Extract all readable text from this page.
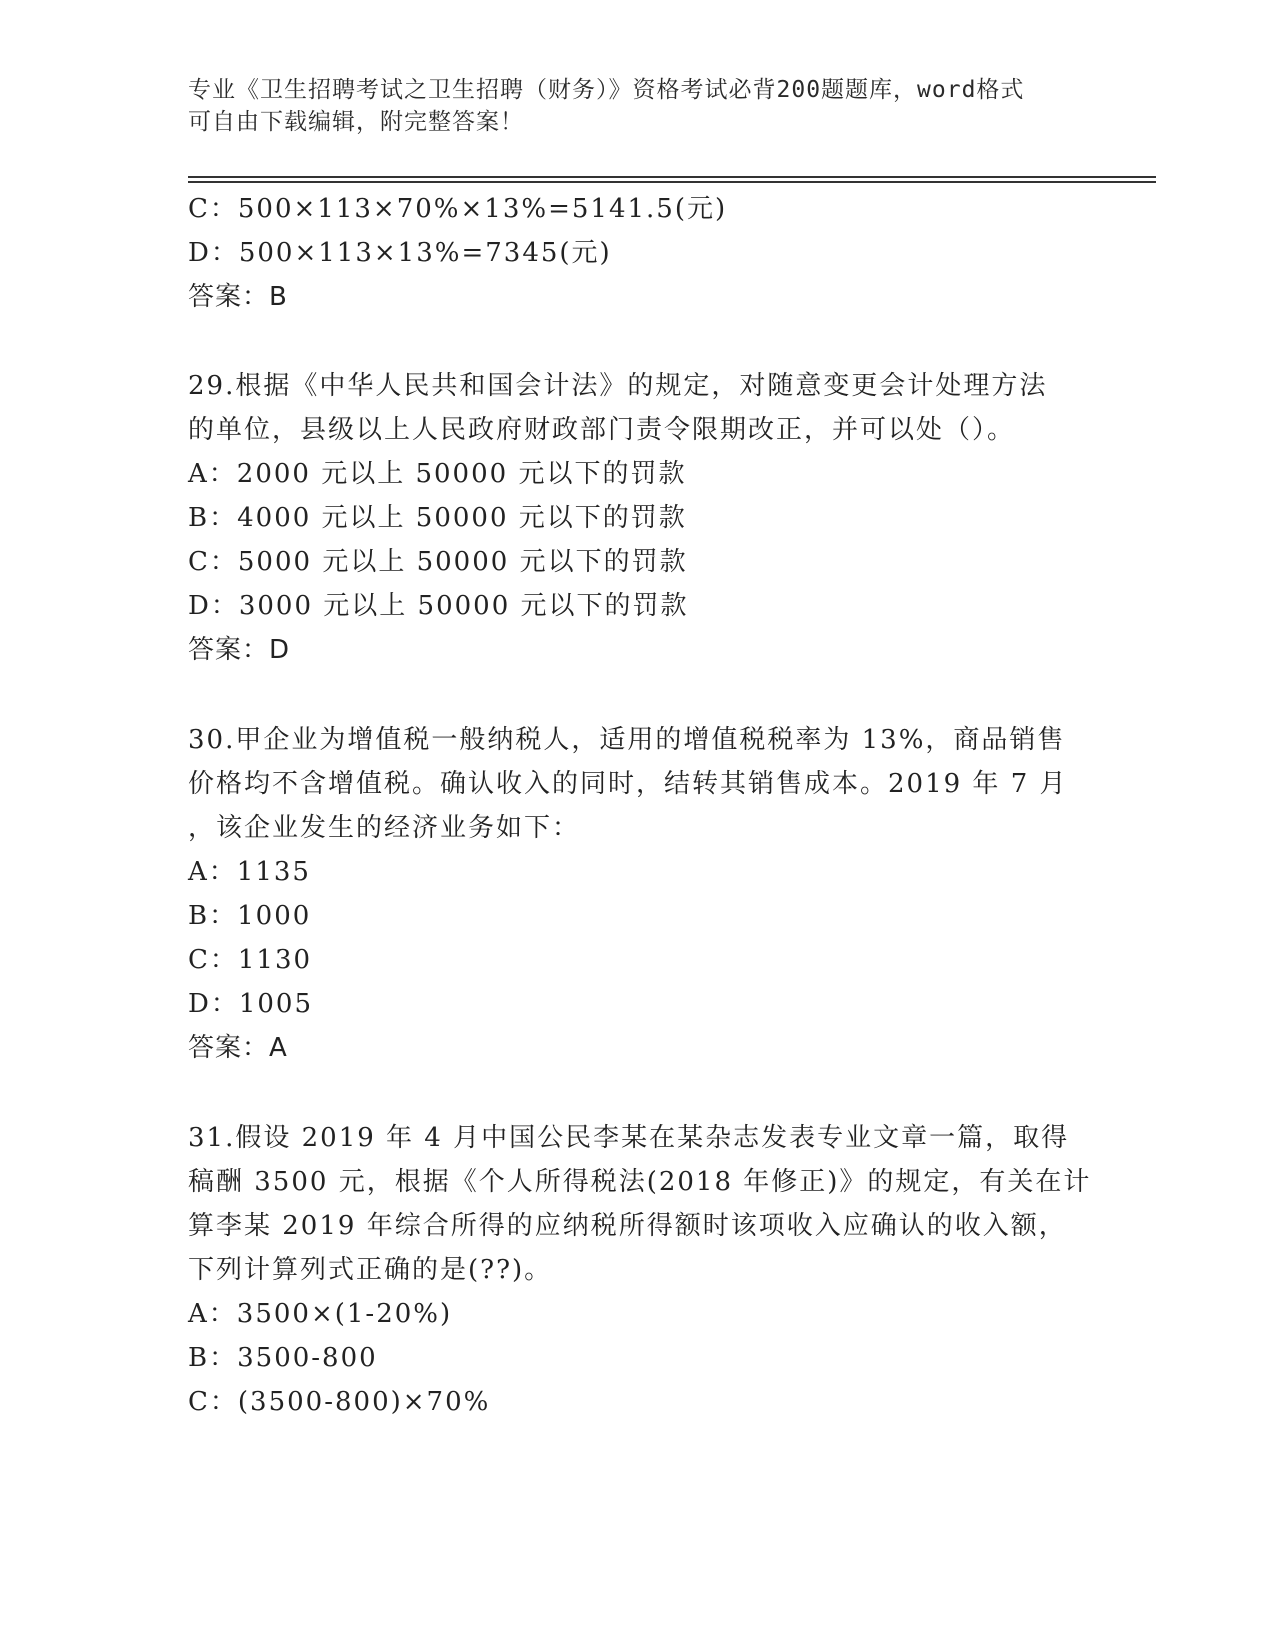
专业《卫生招聘考试之卫生招聘（财务）》资格考试必背200题题库，word格式
可自由下载编辑，附完整答案！
C：500×113×70%×13%=5141.5(元)
D：500×113×13%=7345(元)
答案：B
29.根据《中华人民共和国会计法》的规定，对随意变更会计处理方法
的单位，县级以上人民政府财政部门责令限期改正，并可以处（）。
A：2000 元以上 50000 元以下的罚款
B：4000 元以上 50000 元以下的罚款
C：5000 元以上 50000 元以下的罚款
D：3000 元以上 50000 元以下的罚款
答案：D
30.甲企业为增值税一般纳税人，适用的增值税税率为 13%，商品销售
价格均不含增值税。确认收入的同时，结转其销售成本。2019 年 7 月
，该企业发生的经济业务如下：
A：1135
B：1000
C：1130
D：1005
答案：A
31.假设 2019 年 4 月中国公民李某在某杂志发表专业文章一篇，取得
稿酬 3500 元，根据《个人所得税法(2018 年修正)》的规定，有关在计
算李某 2019 年综合所得的应纳税所得额时该项收入应确认的收入额，
下列计算列式正确的是(??)。
A：3500×(1-20%)
B：3500-800
C：(3500-800)×70%
